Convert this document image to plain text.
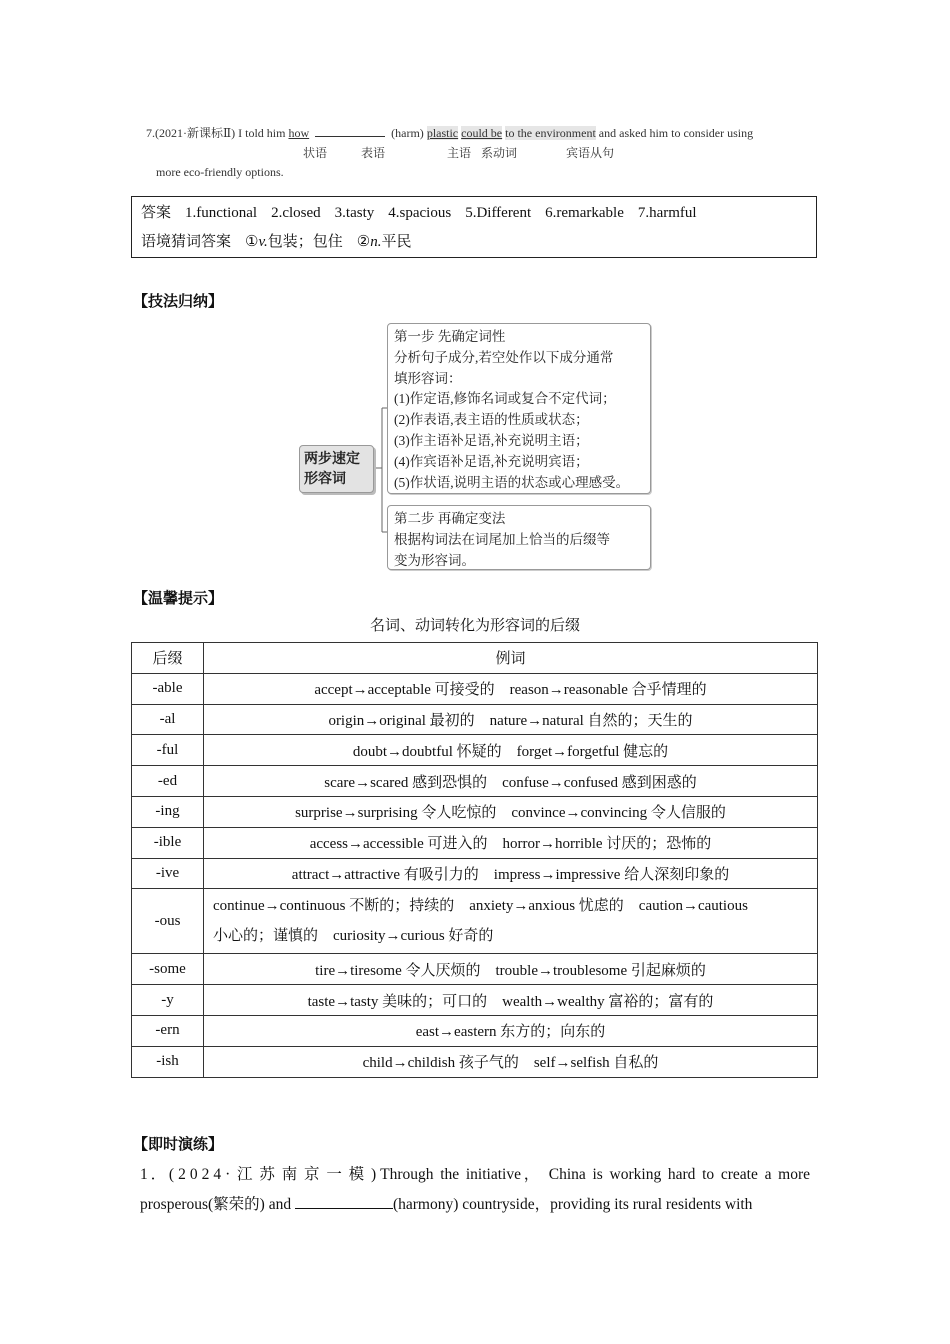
7.(2021·新课标Ⅱ) I told him how	(harm) plastic could be to the environment and asked him to consider using
状语	表语	主语 系动词	宾语从句
more eco-friendly options.
答案 1.functional 2.closed 3.tasty 4.spacious 5.Different 6.remarkable 7.harmful
语境猜词答案 ①v.包装；包住 ②n.平民
【技法归纳】
两步速定
形容词
第一步 先确定词性
分析句子成分,若空处作以下成分通常
填形容词：
(1)作定语,修饰名词或复合不定代词；
(2)作表语,表主语的性质或状态；
(3)作主语补足语,补充说明主语；
(4)作宾语补足语,补充说明宾语；
(5)作状语,说明主语的状态或心理感受。
第二步 再确定变法
根据构词法在词尾加上恰当的后缀等
变为形容词。
【温馨提示】
名词、动词转化为形容词的后缀
后缀	例词
-able	accept→acceptable 可接受的　reason→reasonable 合乎情理的
-al	origin→original 最初的　nature→natural 自然的；天生的
-ful	doubt→doubtful 怀疑的　forget→forgetful 健忘的
-ed	scare→scared 感到恐惧的　confuse→confused 感到困惑的
-ing	surprise→surprising 令人吃惊的　convince→convincing 令人信服的
-ible	access→accessible 可进入的　horror→horrible 讨厌的；恐怖的
-ive	attract→attractive 有吸引力的　impress→impressive 给人深刻印象的
-ous	continue→continuous 不断的；持续的　anxiety→anxious 忧虑的　caution→cautious
小心的；谨慎的　curiosity→curious 好奇的

-some	tire→tiresome 令人厌烦的　trouble→troublesome 引起麻烦的
-y	taste→tasty 美味的；可口的　wealth→wealthy 富裕的；富有的
-ern	east→eastern 东方的；向东的
-ish	child→childish 孩子气的　self→selfish 自私的
【即时演练】
1．(2024·江苏南京一模)Through the initiative， China is working hard to create a more prosperous(繁荣的) and	(harmony) countryside，providing its rural residents with
